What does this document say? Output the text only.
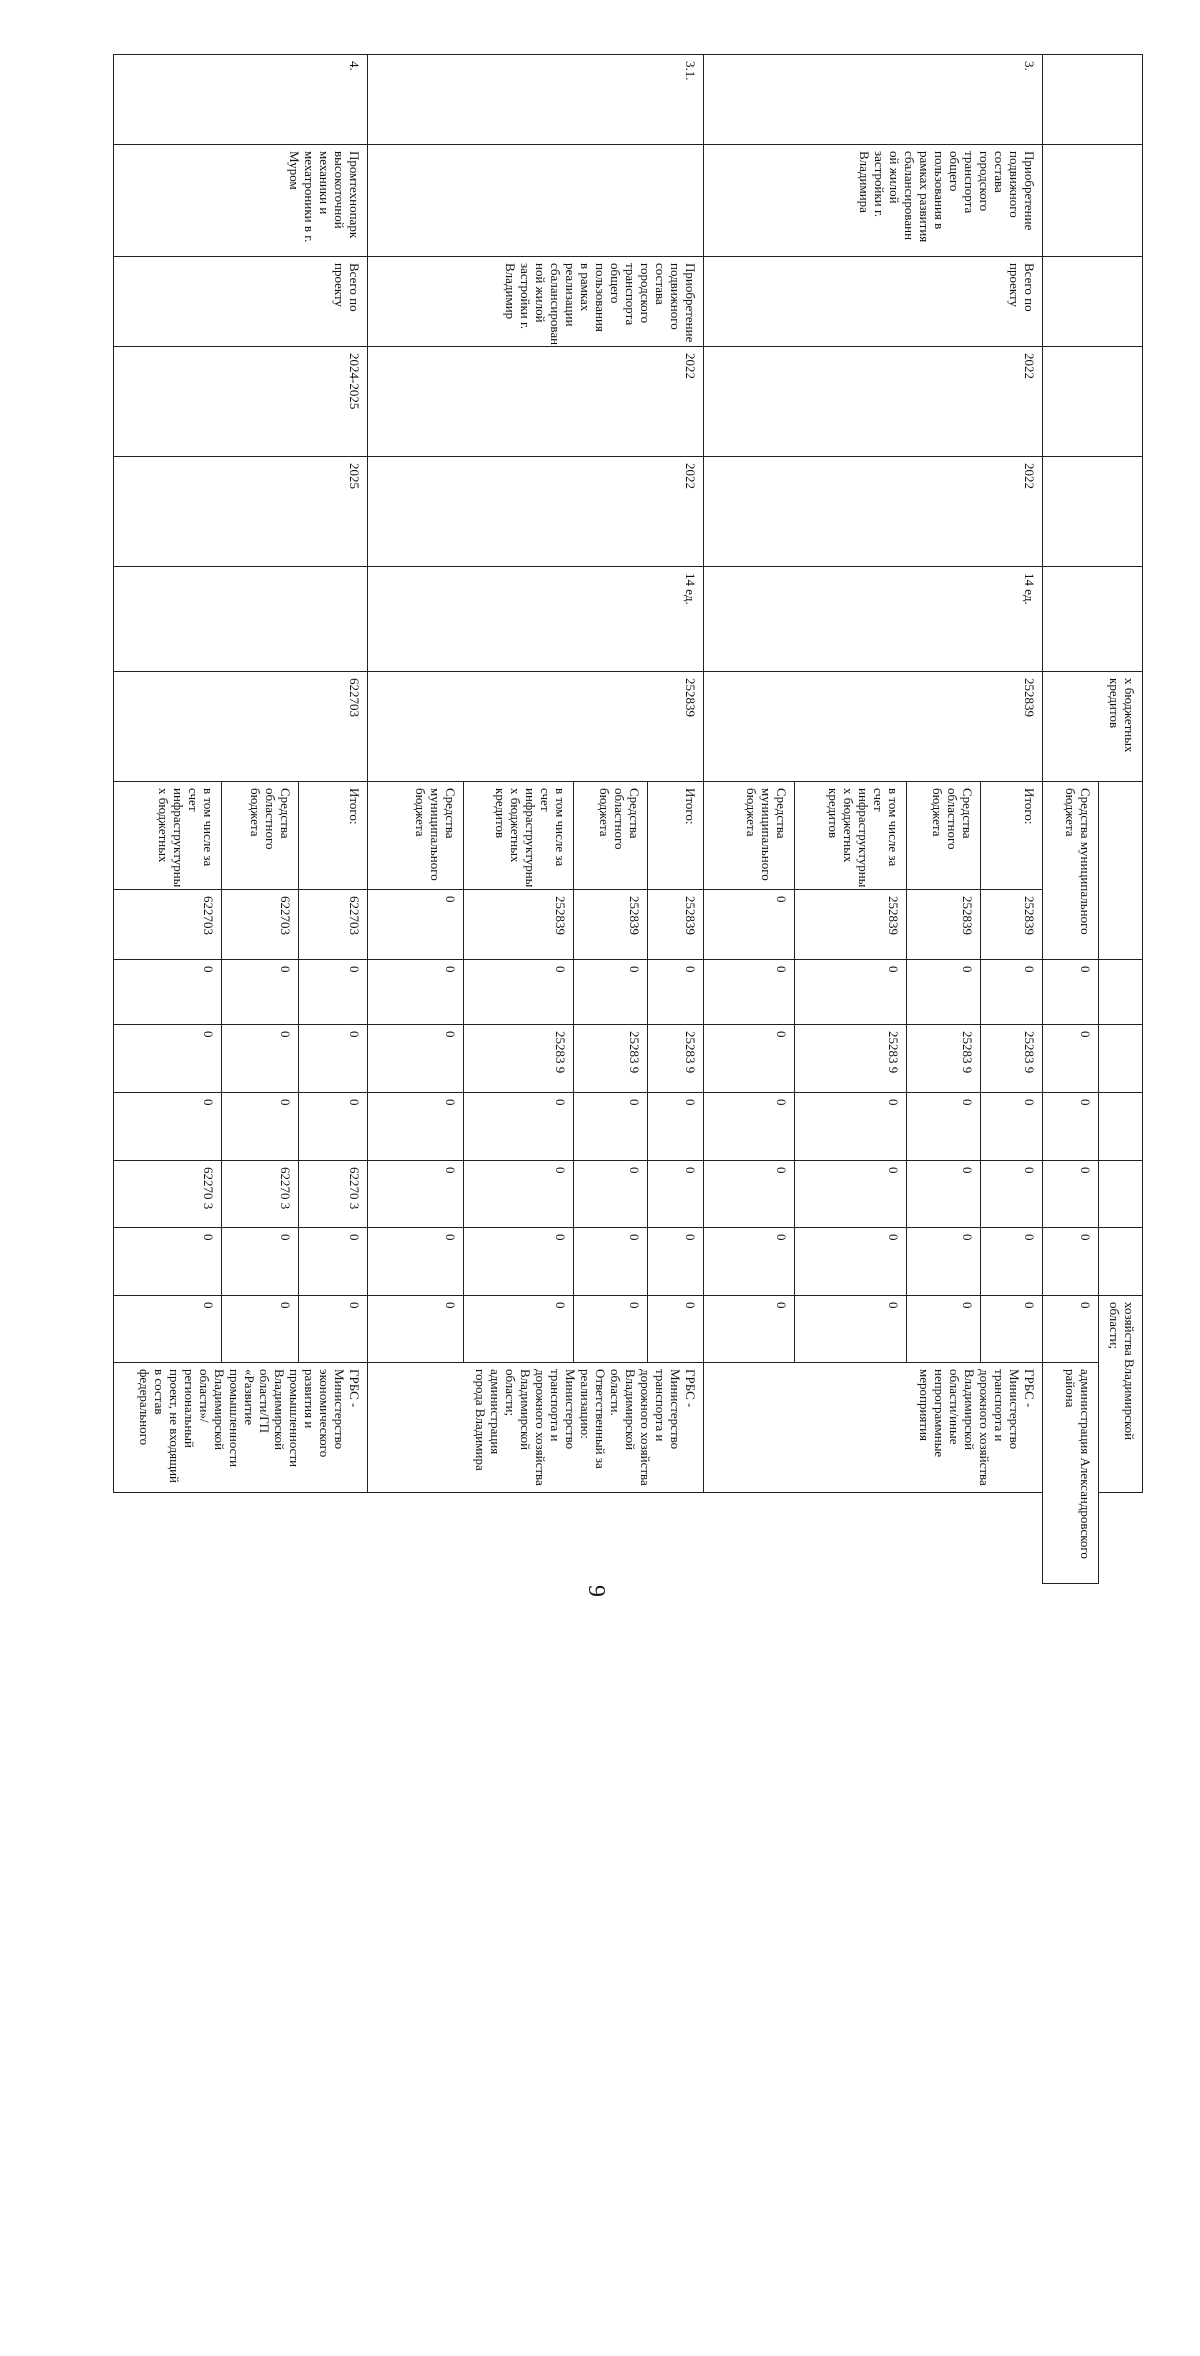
9
						х бюджетных кредитов								хозяйства Владимирской области;	
							Средства муниципального бюджета		0	0	0	0	0	0	администрация Александровского района
3.	Приобретение подвижного состава городского транспорта общего пользования в рамках развития сбалансированн ой жилой застройки г. Владимира	Всего по проекту	2022	2022	14 ед.	252839	Итого:	252839	0	25283 9	0	0	0	0	ГРБС - Министерство транспорта и дорожного хозяйства Владимирской области/иные непрограммные мероприятия
							Средства областного бюджета	252839	0	25283 9	0	0	0	0	
							в том числе за счет инфраструктурны х бюджетных кредитов	252839	0	25283 9	0	0	0	0	
							Средства муниципального бюджета	0	0	0	0	0	0	0	
3.1.		Приобретение подвижного состава городского транспорта общего пользования в рамках реализации сбалансирован ной жилой застройки г. Владимир	2022	2022	14 ед.	252839	Итого:	252839	0	25283 9	0	0	0	0	ГРБС - Министерство транспорта и дорожного хозяйства Владимирской области. Ответственный за реализацию: Министерство транспорта и дорожного хозяйства Владимирской области; администрация города Владимира
							Средства областного бюджета	252839	0	25283 9	0	0	0	0	
							в том числе за счет инфраструктурны х бюджетных кредитов	252839	0	25283 9	0	0	0	0	
							Средства муниципального бюджета	0	0	0	0	0	0	0	
4.	Промтехнопарк высокоточной механики и мехатроники в г. Муром	Всего по проекту	2024-2025	2025		622703	Итого:	622703	0	0	0	62270 3	0	0	ГРБС - Министерство экономического развития и промышленности Владимирской области/ГП «Развитие промышленности Владимирской области»/региональный проект, не входящий в состав федерального
							Средства областного бюджета	622703	0	0	0	62270 3	0	0	
							в том числе за счет инфраструктурны х бюджетных	622703	0	0	0	62270 3	0	0	
